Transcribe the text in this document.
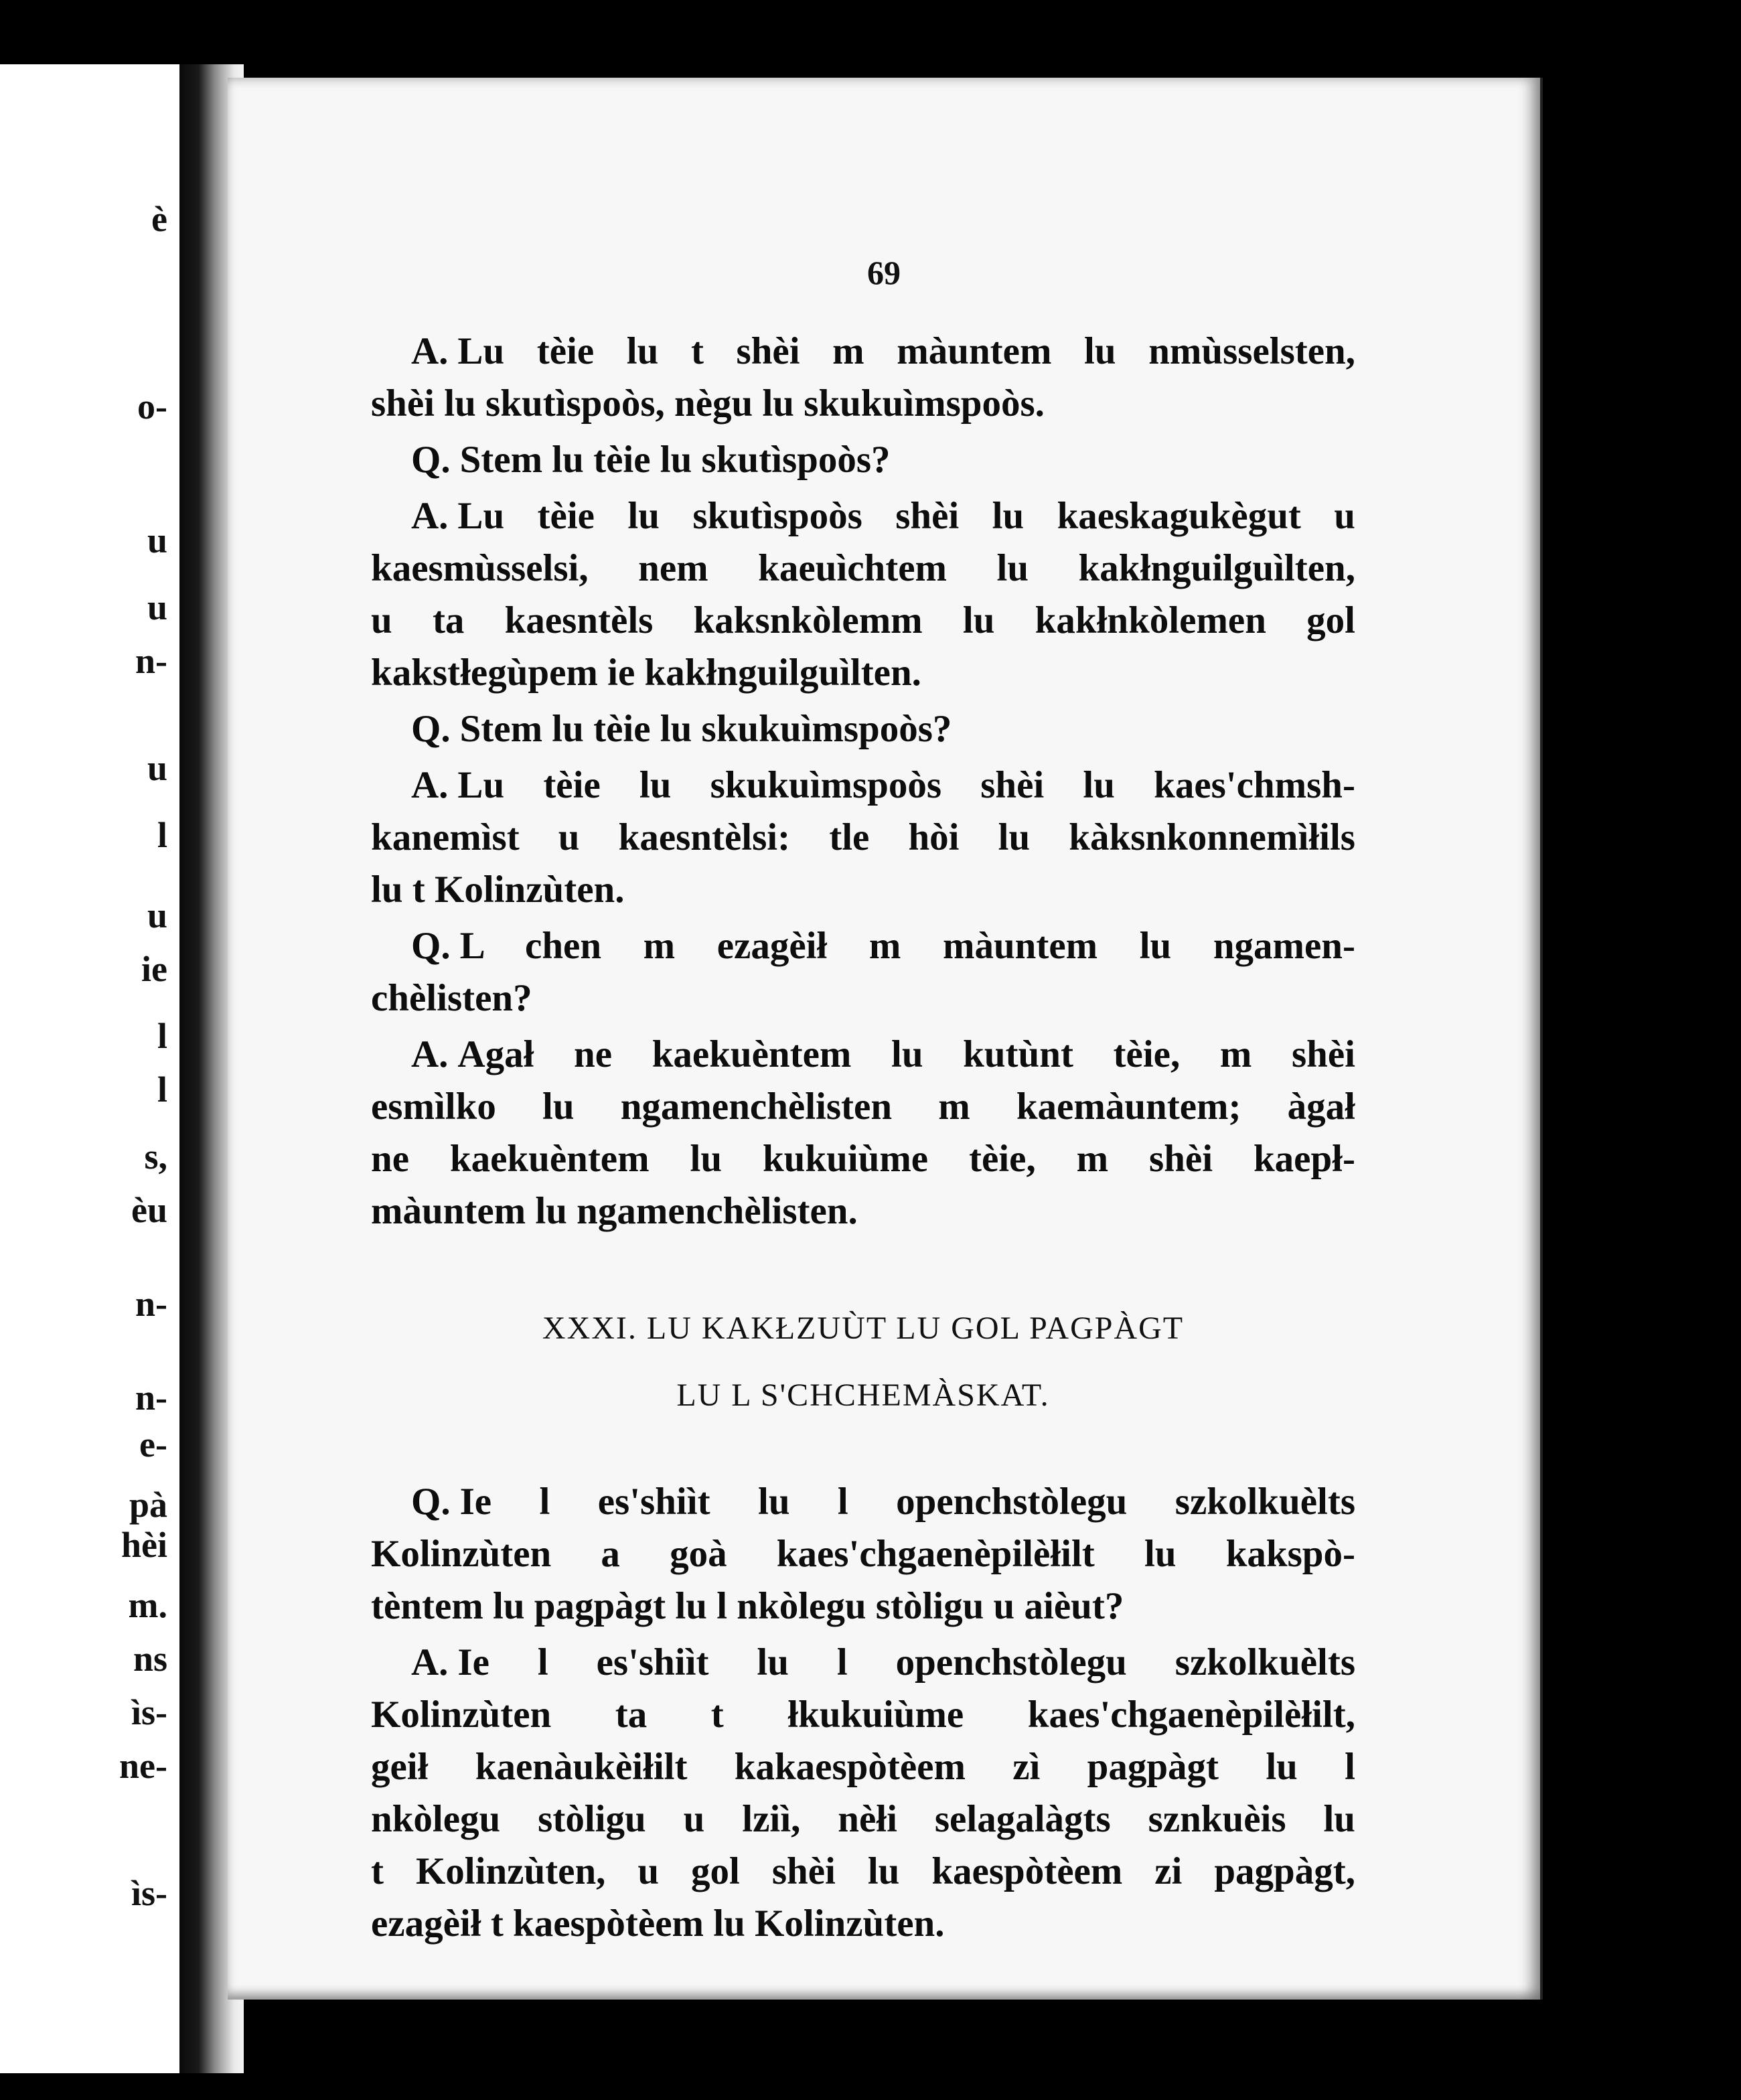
è
o-
u
u
n-
u
l
u
ie
l
l
s,
èu
n-
n-
e-
pà
hèi
m.
ns
ìs-
ne-
ìs-
69
A. Lu tèie lu t shèi m màuntem lu nmùsselsten,
shèi lu skutìspoòs, nègu lu skukuìmspoòs.
Q. Stem lu tèie lu skutìspoòs?
A. Lu tèie lu skutìspoòs shèi lu kaeskagukègut u
kaesmùsselsi, nem kaeuìchtem lu kakłnguilguìlten,
u ta kaesntèls kaksnkòlemm lu kakłnkòlemen gol
kakstłegùpem ie kakłnguilguìlten.
Q. Stem lu tèie lu skukuìmspoòs?
A. Lu tèie lu skukuìmspoòs shèi lu kaes'chmsh-
kanemìst u kaesntèlsi: tle hòi lu kàksnkonnemìłils
lu t Kolinzùten.
Q. L chen m ezagèił m màuntem lu ngamen-
chèlisten?
A. Agał ne kaekuèntem lu kutùnt tèie, m shèi
esmìlko lu ngamenchèlisten m kaemàuntem; àgał
ne kaekuèntem lu kukuiùme tèie, m shèi kaepł-
màuntem lu ngamenchèlisten.
XXXI. LU KAKŁZUÙT LU GOL PAGPÀGT
LU L S'CHCHEMÀSKAT.
Q. Ie l es'shiìt lu l openchstòlegu szkolkuèlts
Kolinzùten a goà kaes'chgaenèpilèłilt lu kakspò-
tèntem lu pagpàgt lu l nkòlegu stòligu u aièut?
A. Ie l es'shiìt lu l openchstòlegu szkolkuèlts
Kolinzùten ta t łkukuiùme kaes'chgaenèpilèłilt,
geił kaenàukèiłilt kakaespòtèem zì pagpàgt lu l
nkòlegu stòligu u lziì, nèłi selagalàgts sznkuèis lu
t Kolinzùten, u gol shèi lu kaespòtèem zi pagpàgt,
ezagèił t kaespòtèem lu Kolinzùten.
